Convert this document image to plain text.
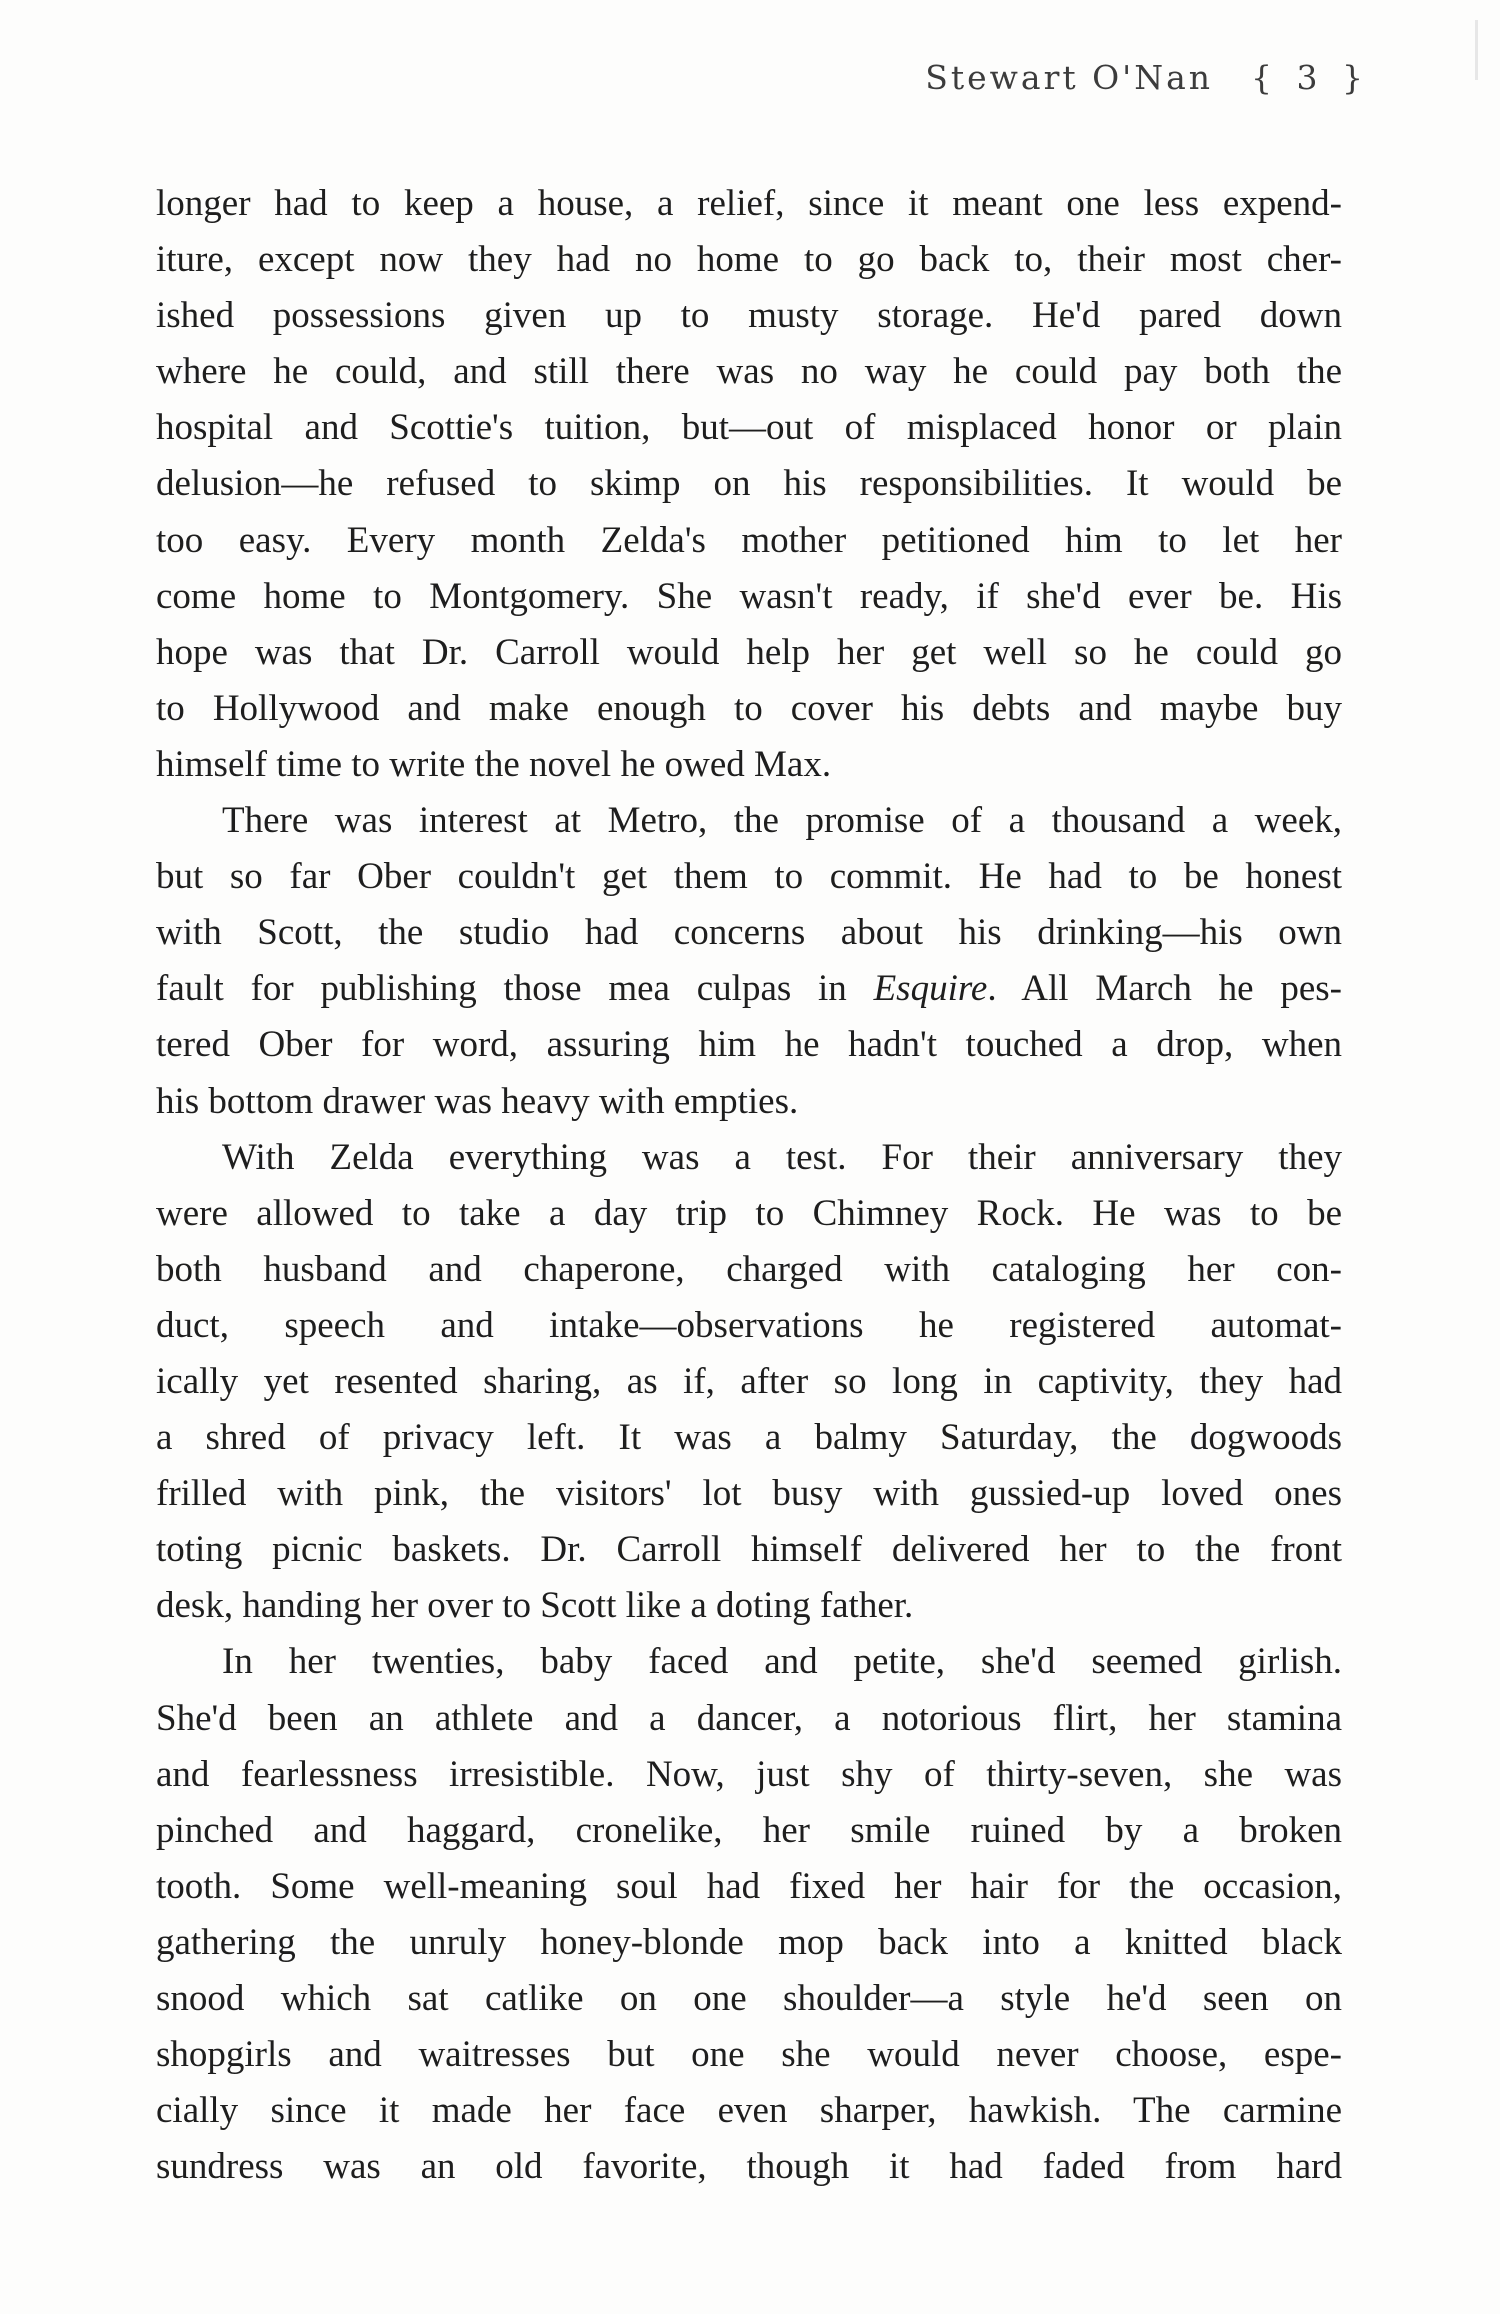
Stewart O'Nan { 3 }
longer had to keep a house, a relief, since it meant one less expend-
iture, except now they had no home to go back to, their most cher-
ished possessions given up to musty storage. He'd pared down
where he could, and still there was no way he could pay both the
hospital and Scottie's tuition, but—out of misplaced honor or plain
delusion—he refused to skimp on his responsibilities. It would be
too easy. Every month Zelda's mother petitioned him to let her
come home to Montgomery. She wasn't ready, if she'd ever be. His
hope was that Dr. Carroll would help her get well so he could go
to Hollywood and make enough to cover his debts and maybe buy
himself time to write the novel he owed Max.
There was interest at Metro, the promise of a thousand a week,
but so far Ober couldn't get them to commit. He had to be honest
with Scott, the studio had concerns about his drinking—his own
fault for publishing those mea culpas in Esquire. All March he pes-
tered Ober for word, assuring him he hadn't touched a drop, when
his bottom drawer was heavy with empties.
With Zelda everything was a test. For their anniversary they
were allowed to take a day trip to Chimney Rock. He was to be
both husband and chaperone, charged with cataloging her con-
duct, speech and intake—observations he registered automat-
ically yet resented sharing, as if, after so long in captivity, they had
a shred of privacy left. It was a balmy Saturday, the dogwoods
frilled with pink, the visitors' lot busy with gussied-up loved ones
toting picnic baskets. Dr. Carroll himself delivered her to the front
desk, handing her over to Scott like a doting father.
In her twenties, baby faced and petite, she'd seemed girlish.
She'd been an athlete and a dancer, a notorious flirt, her stamina
and fearlessness irresistible. Now, just shy of thirty-seven, she was
pinched and haggard, cronelike, her smile ruined by a broken
tooth. Some well-meaning soul had fixed her hair for the occasion,
gathering the unruly honey-blonde mop back into a knitted black
snood which sat catlike on one shoulder—a style he'd seen on
shopgirls and waitresses but one she would never choose, espe-
cially since it made her face even sharper, hawkish. The carmine
sundress was an old favorite, though it had faded from hard
